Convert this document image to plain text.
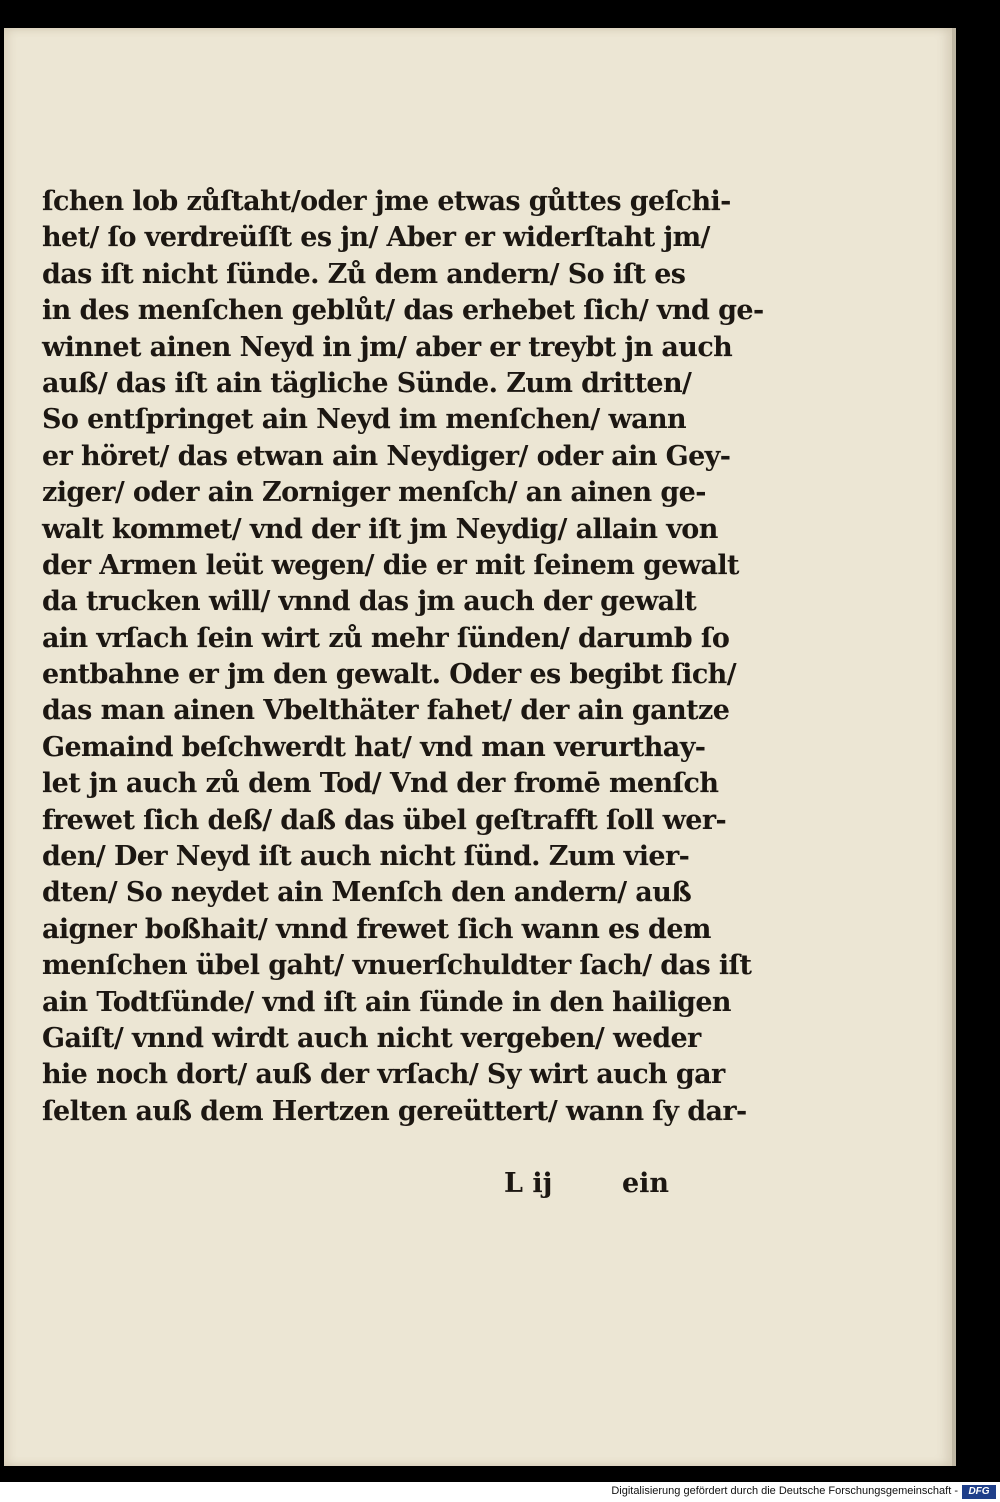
ſchen lob zůſtaht/oder jme etwas gůttes geſchi-
het/ ſo verdreüſſt es jn/ Aber er widerſtaht jm/
das iſt nicht ſünde. Zů dem andern/ So iſt es
in des menſchen geblůt/ das erhebet ſich/ vnd ge-
winnet ainen Neyd in jm/ aber er treybt jn auch
auß/ das iſt ain tägliche Sünde. Zum dritten/
So entſpringet ain Neyd im menſchen/ wann
er höret/ das etwan ain Neydiger/ oder ain Gey-
ziger/ oder ain Zorniger menſch/ an ainen ge-
walt kommet/ vnd der iſt jm Neydig/ allain von
der Armen leüt wegen/ die er mit ſeinem gewalt
da trucken will/ vnnd das jm auch der gewalt
ain vrſach ſein wirt zů mehr ſünden/ darumb ſo
entbahne er jm den gewalt. Oder es begibt ſich/
das man ainen Vbelthäter fahet/ der ain gantze
Gemaind beſchwerdt hat/ vnd man verurthay-
let jn auch zů dem Tod/ Vnd der fromē menſch
frewet ſich deß/ daß das übel geſtrafft ſoll wer-
den/ Der Neyd iſt auch nicht ſünd. Zum vier-
dten/ So neydet ain Menſch den andern/ auß
aigner boßhait/ vnnd frewet ſich wann es dem
menſchen übel gaht/ vnuerſchuldter ſach/ das iſt
ain Todtſünde/ vnd iſt ain ſünde in den hailigen
Gaiſt/ vnnd wirdt auch nicht vergeben/ weder
hie noch dort/ auß der vrſach/ Sy wirt auch gar
ſelten auß dem Hertzen gereüttert/ wann ſy dar-
L ij	ein
Digitalisierung gefördert durch die Deutsche Forschungsgemeinschaft -	DFG
